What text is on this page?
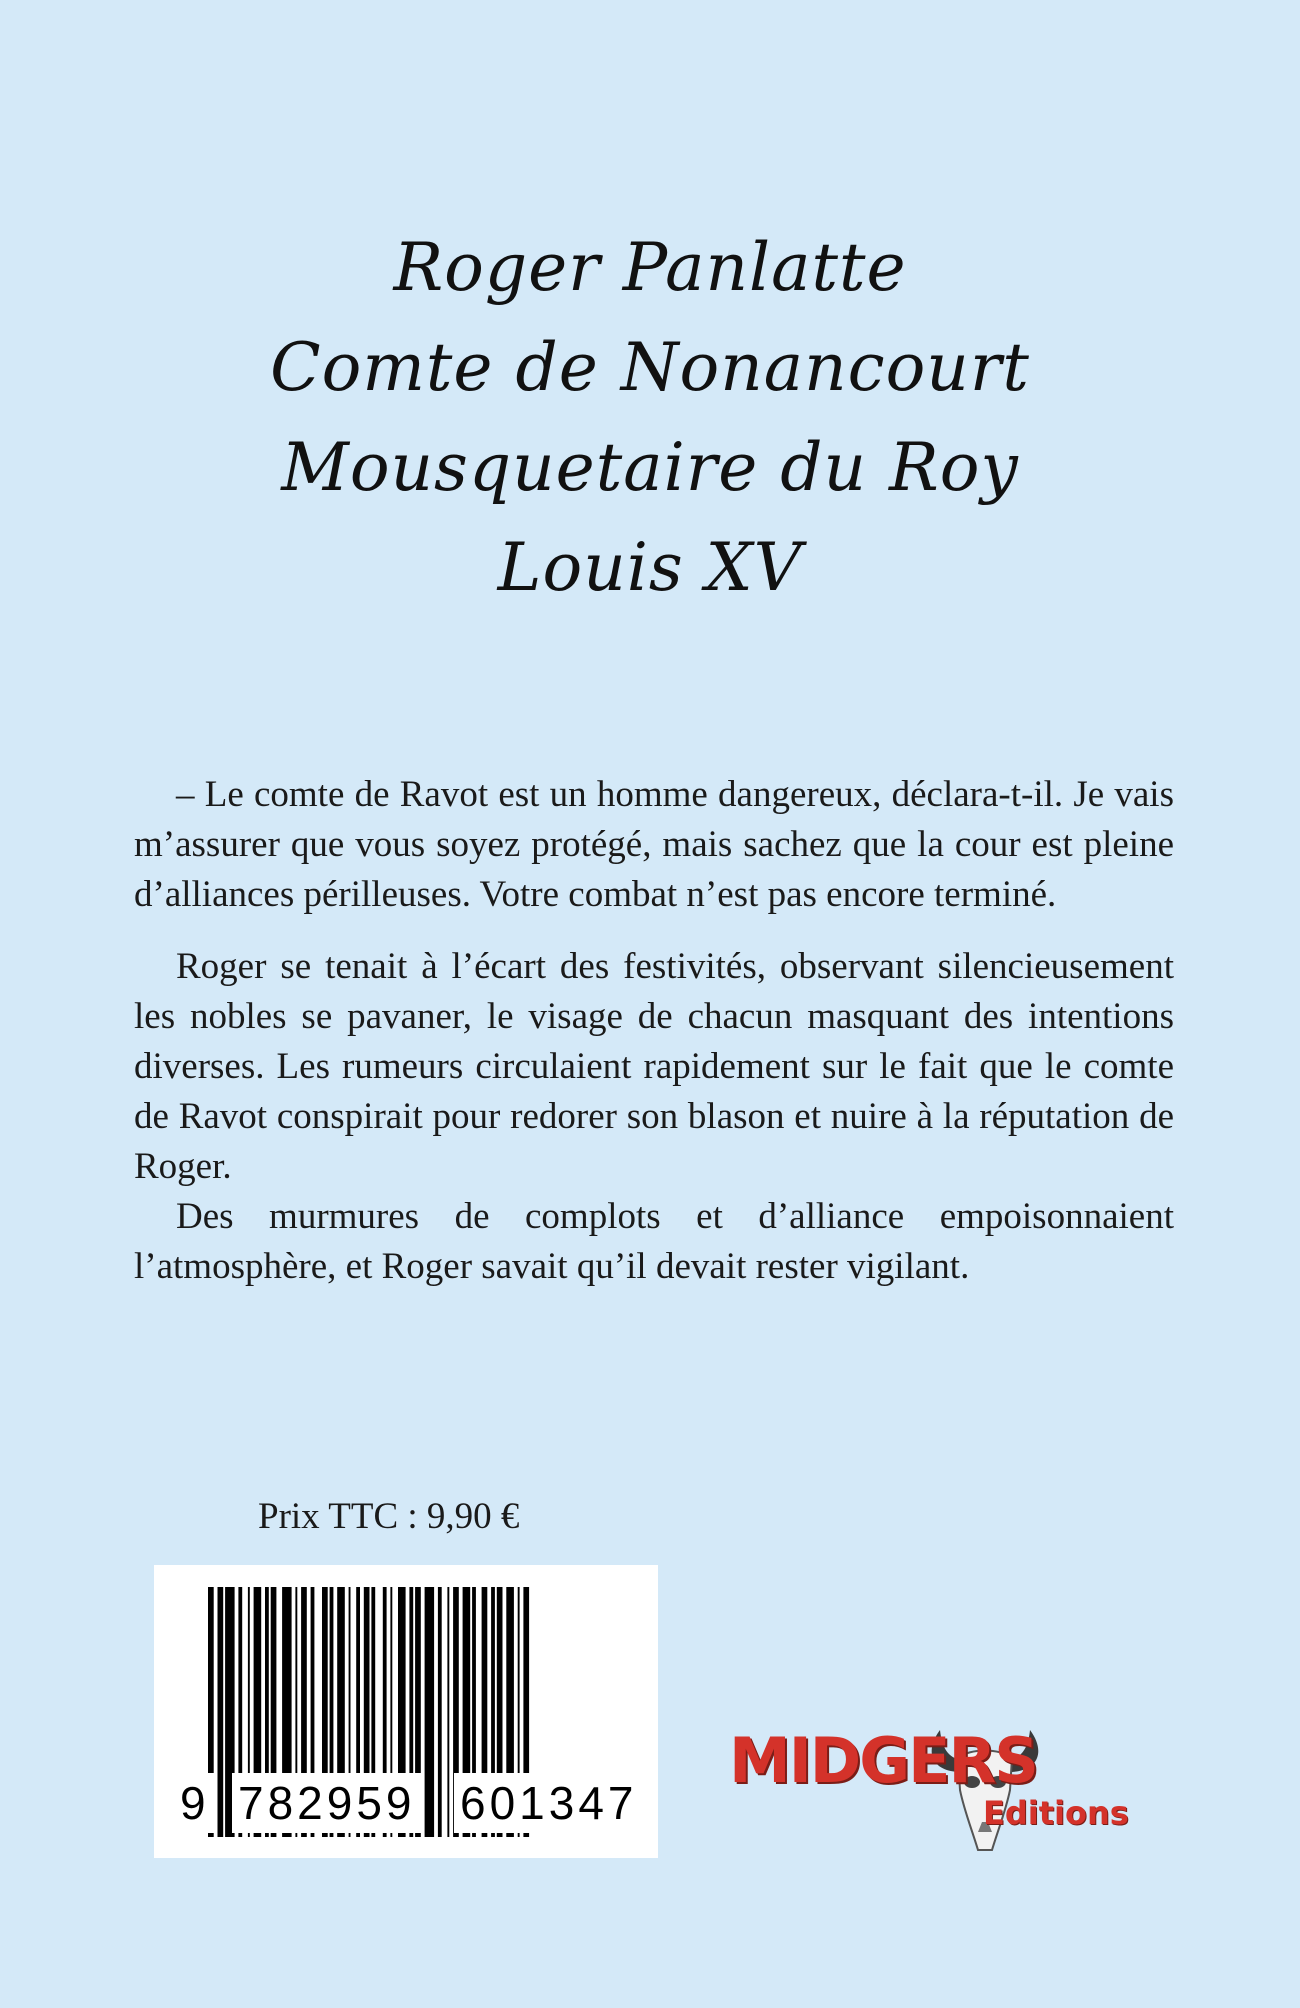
Roger Panlatte
Comte de Nonancourt
Mousquetaire du Roy
Louis XV

– Le comte de Ravot est un homme dangereux, déclara-t-il. Je vais m’assurer que vous soyez protégé, mais sachez que la cour est pleine d’alliances périlleuses. Votre combat n’est pas encore terminé.

Roger se tenait à l’écart des festivités, observant silencieusement les nobles se pavaner, le visage de chacun masquant des intentions diverses. Les rumeurs circulaient rapidement sur le fait que le comte de Ravot conspirait pour redorer son blason et nuire à la réputation de Roger.

Des murmures de complots et d’alliance empoisonnaient l’atmosphère, et Roger savait qu’il devait rester vigilant.

Prix TTC : 9,90 €
9 782959 601347
MIDGERS
Editions
